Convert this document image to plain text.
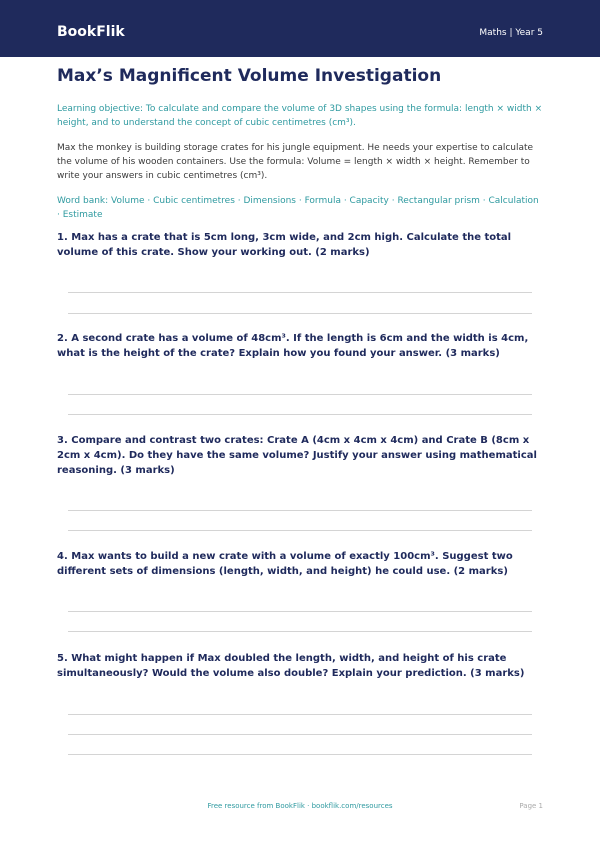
BookFlik	Maths | Year 5
Max’s Magnificent Volume Investigation

Learning objective: To calculate and compare the volume of 3D shapes using the formula: length × width × height, and to understand the concept of cubic centimetres (cm³).

Max the monkey is building storage crates for his jungle equipment. He needs your expertise to calculate the volume of his wooden containers. Use the formula: Volume = length × width × height. Remember to write your answers in cubic centimetres (cm³).

Word bank: Volume · Cubic centimetres · Dimensions · Formula · Capacity · Rectangular prism · Calculation · Estimate

1. Max has a crate that is 5cm long, 3cm wide, and 2cm high. Calculate the total volume of this crate. Show your working out. (2 marks)

2. A second crate has a volume of 48cm³. If the length is 6cm and the width is 4cm, what is the height of the crate? Explain how you found your answer. (3 marks)

3. Compare and contrast two crates: Crate A (4cm x 4cm x 4cm) and Crate B (8cm x 2cm x 4cm). Do they have the same volume? Justify your answer using mathematical reasoning. (3 marks)

4. Max wants to build a new crate with a volume of exactly 100cm³. Suggest two different sets of dimensions (length, width, and height) he could use. (2 marks)

5. What might happen if Max doubled the length, width, and height of his crate simultaneously? Would the volume also double? Explain your prediction. (3 marks)

Free resource from BookFlik · bookflik.com/resources	Page 1
